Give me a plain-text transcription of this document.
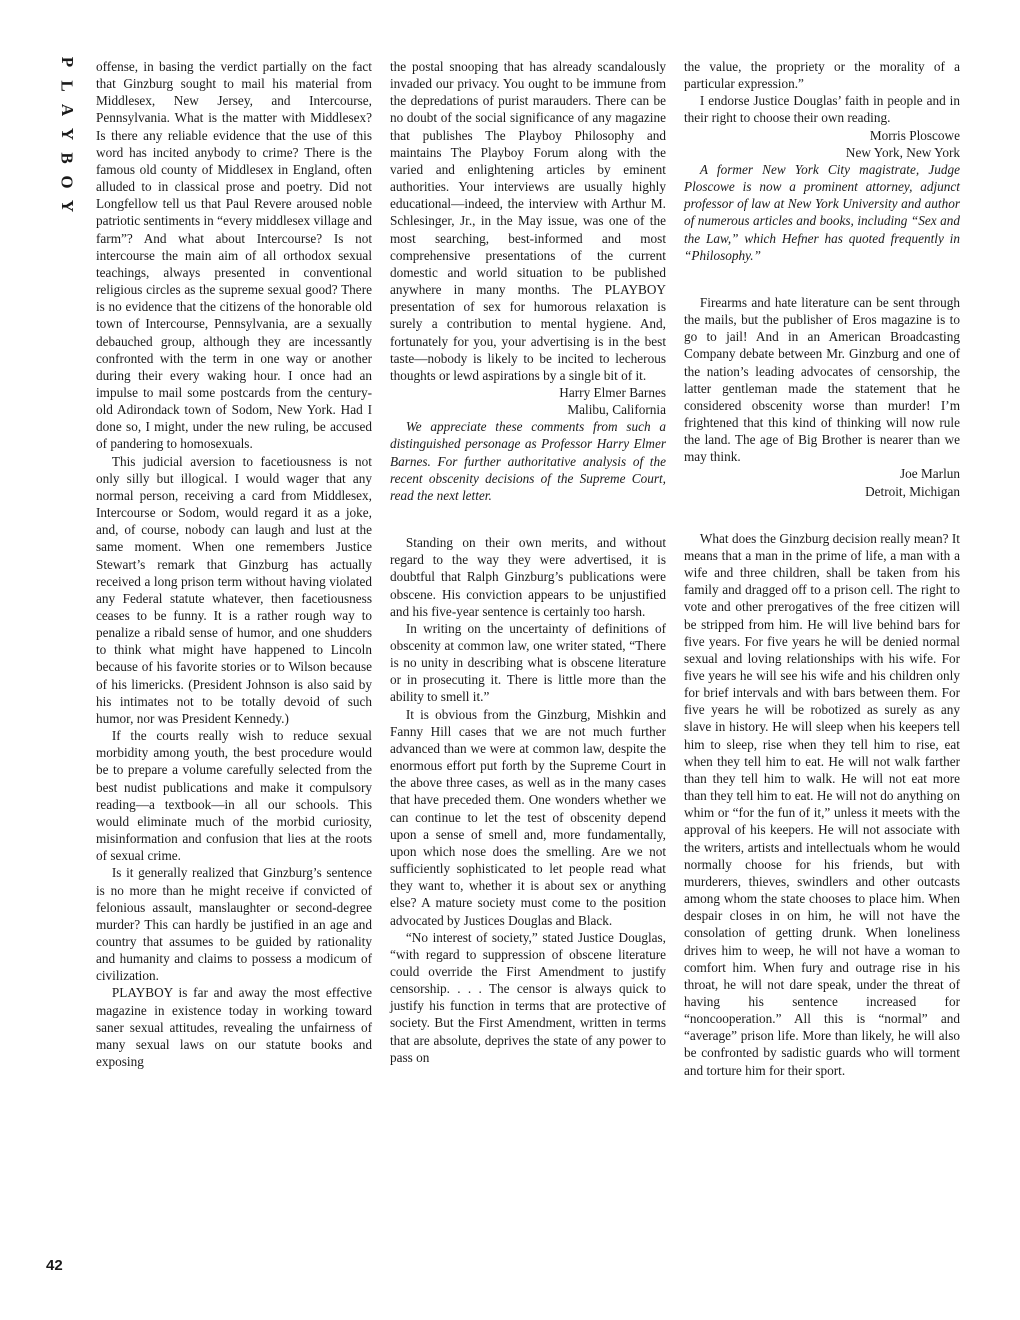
P
L
A
Y
B
O
Y
42

offense, in basing the verdict partially on the fact that Ginzburg sought to mail his material from Middlesex, New Jersey, and Intercourse, Pennsylvania. What is the matter with Middlesex? Is there any reliable evidence that the use of this word has incited anybody to crime? There is the famous old county of Middlesex in England, often alluded to in classical prose and poetry. Did not Longfellow tell us that Paul Revere aroused noble patriotic sentiments in “every middlesex village and farm”? And what about Intercourse? Is not intercourse the main aim of all orthodox sexual teachings, always presented in conventional religious circles as the supreme sexual good? There is no evidence that the citizens of the honorable old town of Intercourse, Pennsylvania, are a sexually debauched group, although they are incessantly confronted with the term in one way or another during their every waking hour. I once had an impulse to mail some postcards from the century-old Adirondack town of Sodom, New York. Had I done so, I might, under the new ruling, be accused of pandering to homosexuals.

This judicial aversion to facetiousness is not only silly but illogical. I would wager that any normal person, receiving a card from Middlesex, Intercourse or Sodom, would regard it as a joke, and, of course, nobody can laugh and lust at the same moment. When one remembers Justice Stewart’s remark that Ginzburg has actually received a long prison term without having violated any Federal statute whatever, then facetiousness ceases to be funny. It is a rather rough way to penalize a ribald sense of humor, and one shudders to think what might have happened to Lincoln because of his favorite stories or to Wilson because of his limericks. (President Johnson is also said by his intimates not to be totally devoid of such humor, nor was President Kennedy.)

If the courts really wish to reduce sexual morbidity among youth, the best procedure would be to prepare a volume carefully selected from the best nudist publications and make it compulsory reading—a textbook—in all our schools. This would eliminate much of the morbid curiosity, misinformation and confusion that lies at the roots of sexual crime.

Is it generally realized that Ginzburg’s sentence is no more than he might receive if convicted of felonious assault, manslaughter or second-degree murder? This can hardly be justified in an age and country that assumes to be guided by rationality and humanity and claims to possess a modicum of civilization.

PLAYBOY is far and away the most effective magazine in existence today in working toward saner sexual attitudes, revealing the unfairness of many sexual laws on our statute books and exposing

the postal snooping that has already scandalously invaded our privacy. You ought to be immune from the depredations of purist marauders. There can be no doubt of the social significance of any magazine that publishes The Playboy Philosophy and maintains The Playboy Forum along with the varied and enlightening articles by eminent authorities. Your interviews are usually highly educational—indeed, the interview with Arthur M. Schlesinger, Jr., in the May issue, was one of the most searching, best-informed and most comprehensive presentations of the current domestic and world situation to be published anywhere in many months. The PLAYBOY presentation of sex for humorous relaxation is surely a contribution to mental hygiene. And, fortunately for you, your advertising is in the best taste—nobody is likely to be incited to lecherous thoughts or lewd aspirations by a single bit of it.

Harry Elmer Barnes

Malibu, California

We appreciate these comments from such a distinguished personage as Professor Harry Elmer Barnes. For further authoritative analysis of the recent obscenity decisions of the Supreme Court, read the next letter.

Standing on their own merits, and without regard to the way they were advertised, it is doubtful that Ralph Ginzburg’s publications were obscene. His conviction appears to be unjustified and his five-year sentence is certainly too harsh.

In writing on the uncertainty of definitions of obscenity at common law, one writer stated, “There is no unity in describing what is obscene literature or in prosecuting it. There is little more than the ability to smell it.”

It is obvious from the Ginzburg, Mishkin and Fanny Hill cases that we are not much further advanced than we were at common law, despite the enormous effort put forth by the Supreme Court in the above three cases, as well as in the many cases that have preceded them. One wonders whether we can continue to let the test of obscenity depend upon a sense of smell and, more fundamentally, upon which nose does the smelling. Are we not sufficiently sophisticated to let people read what they want to, whether it is about sex or anything else? A mature society must come to the position advocated by Justices Douglas and Black.

“No interest of society,” stated Justice Douglas, “with regard to suppression of obscene literature could override the First Amendment to justify censorship. . . . The censor is always quick to justify his function in terms that are protective of society. But the First Amendment, written in terms that are absolute, deprives the state of any power to pass on

the value, the propriety or the morality of a particular expression.”

I endorse Justice Douglas’ faith in people and in their right to choose their own reading.

Morris Ploscowe

New York, New York

A former New York City magistrate, Judge Ploscowe is now a prominent attorney, adjunct professor of law at New York University and author of numerous articles and books, including “Sex and the Law,” which Hefner has quoted frequently in “Philosophy.”

Firearms and hate literature can be sent through the mails, but the publisher of Eros magazine is to go to jail! And in an American Broadcasting Company debate between Mr. Ginzburg and one of the nation’s leading advocates of censorship, the latter gentleman made the statement that he considered obscenity worse than murder! I’m frightened that this kind of thinking will now rule the land. The age of Big Brother is nearer than we may think.

Joe Marlun

Detroit, Michigan

What does the Ginzburg decision really mean? It means that a man in the prime of life, a man with a wife and three children, shall be taken from his family and dragged off to a prison cell. The right to vote and other prerogatives of the free citizen will be stripped from him. He will live behind bars for five years. For five years he will be denied normal sexual and loving relationships with his wife. For five years he will see his wife and his children only for brief intervals and with bars between them. For five years he will be robotized as surely as any slave in history. He will sleep when his keepers tell him to sleep, rise when they tell him to rise, eat when they tell him to eat. He will not walk farther than they tell him to walk. He will not eat more than they tell him to eat. He will not do anything on whim or “for the fun of it,” unless it meets with the approval of his keepers. He will not associate with the writers, artists and intellectuals whom he would normally choose for his friends, but with murderers, thieves, swindlers and other outcasts among whom the state chooses to place him. When despair closes in on him, he will not have the consolation of getting drunk. When loneliness drives him to weep, he will not have a woman to comfort him. When fury and outrage rise in his throat, he will not dare speak, under the threat of having his sentence increased for “noncooperation.” All this is “normal” and “average” prison life. More than likely, he will also be confronted by sadistic guards who will torment and torture him for their sport.
